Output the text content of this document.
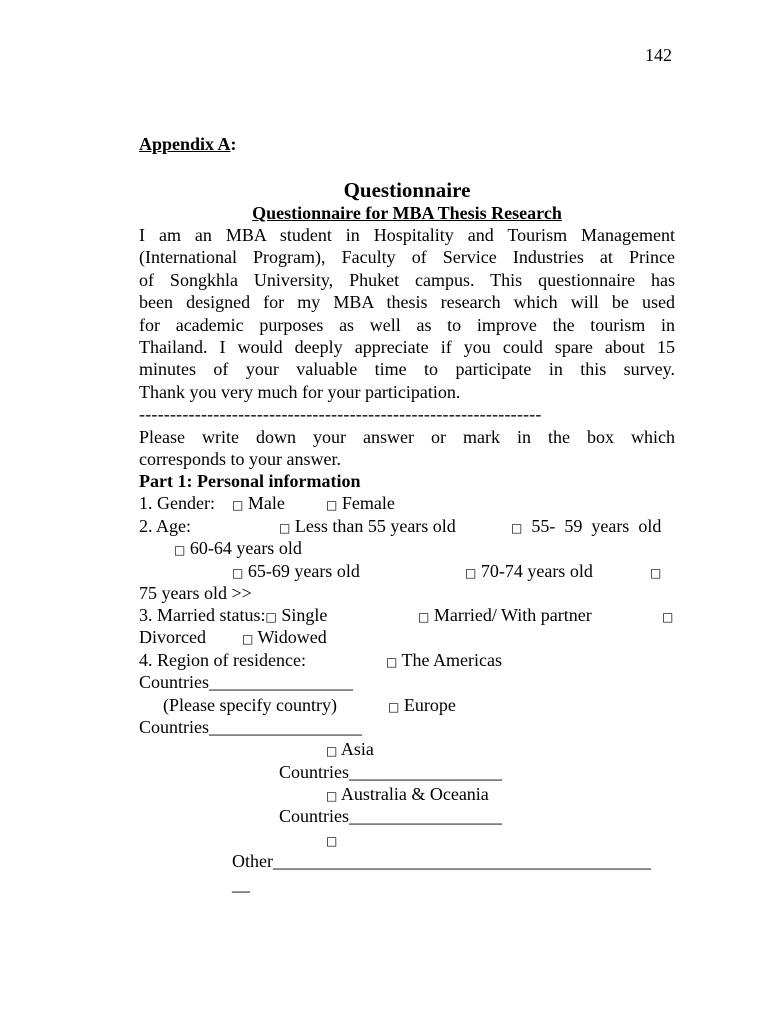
142
Appendix A:
Questionnaire
Questionnaire for MBA Thesis Research
I am an MBA student in Hospitality and Tourism Management
(International Program), Faculty of Service Industries at Prince
of Songkhla University, Phuket campus. This questionnaire has
been designed for my MBA thesis research which will be used
for academic purposes as well as to improve the tourism in
Thailand. I would deeply appreciate if you could spare about 15
minutes of your valuable time to participate in this survey.
Thank you very much for your participation.
-----------------------------------------------------------------
Please write down your answer or mark in the box which
corresponds to your answer.
Part 1: Personal information
1. Gender: □ Male	□ Female
2. Age:	□ Less than 55 years old	□ 55-  59  years  old
□ 60-64 years old
□ 65-69 years old	□ 70-74 years old	□
75 years old >>
3. Married status:□ Single	□ Married/ With partner	□
Divorced	□ Widowed
4. Region of residence:	□ The Americas
Countries________________
(Please specify country)	□ Europe
Countries_________________
□ Asia
Countries_________________
□ Australia & Oceania
Countries_________________
□
Other__________________________________________
__
